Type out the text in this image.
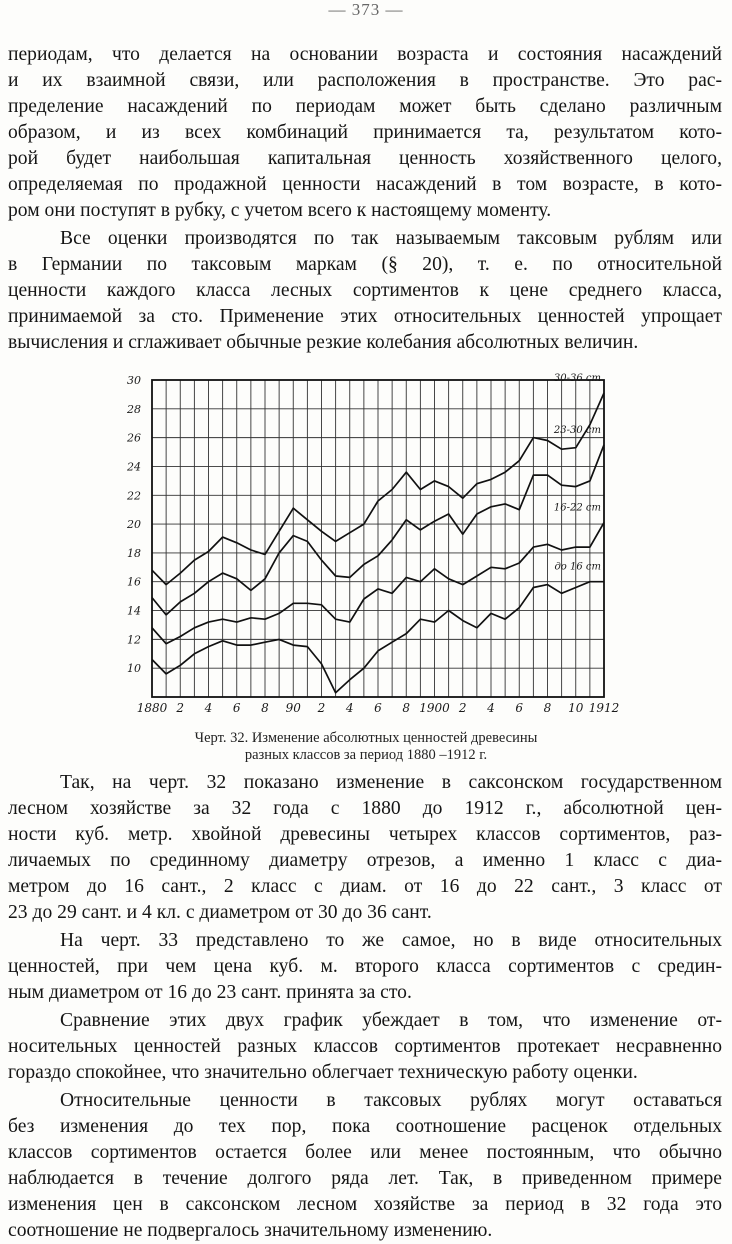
— 373 —
периодам, что делается на основании возраста и состояния насаждений
и их взаимной связи, или расположения в пространстве. Это рас-
пределение насаждений по периодам может быть сделано различным
образом, и из всех комбинаций принимается та, результатом кото-
рой будет наибольшая капитальная ценность хозяйственного целого,
определяемая по продажной ценности насаждений в том возрасте, в кото-
ром они поступят в рубку, с учетом всего к настоящему моменту.
Все оценки производятся по так называемым таксовым рублям или
в Германии по таксовым маркам (§ 20), т. е. по относительной
ценности каждого класса лесных сортиментов к цене среднего класса,
принимаемой за сто. Применение этих относительных ценностей упрощает
вычисления и сглаживает обычные резкие колебания абсолютных величин.
10
12
14
16
18
20
22
24
26
28
30
1880 2 4 6 8 90 2 4 6 8 1900 2 4 6 8 10 1912
до 16 cm
16-22 cm
23-30 cm
30-36 cm
Черт. 32. Изменение абсолютных ценностей древесины
разных классов за период 1880 –1912 г.
Так, на черт. 32 показано изменение в саксонском государственном
лесном хозяйстве за 32 года с 1880 до 1912 г., абсолютной цен-
ности куб. метр. хвойной древесины четырех классов сортиментов, раз-
личаемых по срединному диаметру отрезов, а именно 1 класс с диа-
метром до 16 сант., 2 класс с диам. от 16 до 22 сант., 3 класс от
23 до 29 сант. и 4 кл. с диаметром от 30 до 36 сант.
На черт. 33 представлено то же самое, но в виде относительных
ценностей, при чем цена куб. м. второго класса сортиментов с средин-
ным диаметром от 16 до 23 сант. принята за сто.
Сравнение этих двух график убеждает в том, что изменение от-
носительных ценностей разных классов сортиментов протекает несравненно
гораздо спокойнее, что значительно облегчает техническую работу оценки.
Относительные ценности в таксовых рублях могут оставаться
без изменения до тех пор, пока соотношение расценок отдельных
классов сортиментов остается более или менее постоянным, что обычно
наблюдается в течение долгого ряда лет. Так, в приведенном примере
изменения цен в саксонском лесном хозяйстве за период в 32 года это
соотношение не подвергалось значительному изменению.
